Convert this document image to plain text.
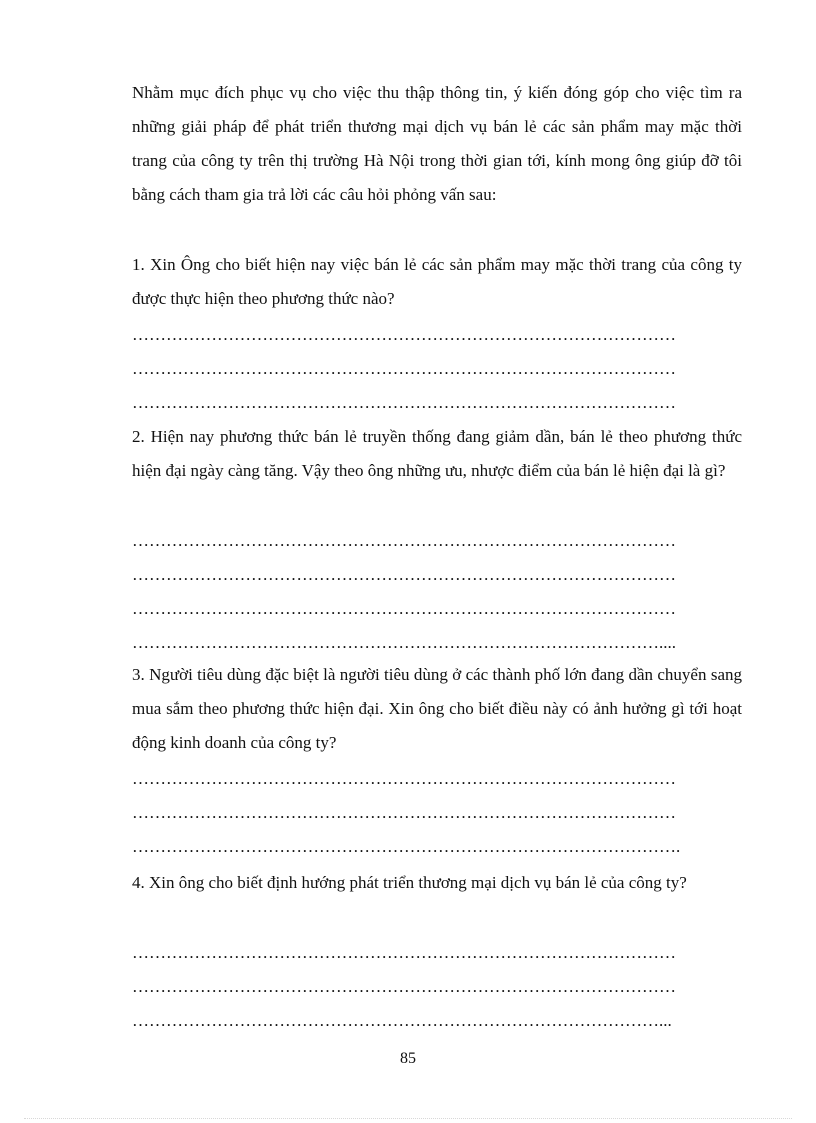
Nhằm mục đích phục vụ cho việc thu thập thông tin, ý kiến đóng góp cho việc tìm ra những giải pháp để phát triển thương mại dịch vụ bán lẻ các sản phẩm may mặc thời trang của công ty trên thị trường Hà Nội trong thời gian tới, kính mong ông giúp đỡ tôi bằng cách tham gia trả lời các câu hỏi phỏng vấn sau:

1. Xin Ông cho biết hiện nay việc bán lẻ các sản phẩm may mặc thời trang của công ty được thực hiện theo phương thức nào?

……………………………………………………………………………………
……………………………………………………………………………………
……………………………………………………………………………………

2. Hiện nay phương thức bán lẻ truyền thống đang giảm dần, bán lẻ theo phương thức hiện đại ngày càng tăng. Vậy theo ông những ưu, nhược điểm của bán lẻ hiện đại là gì?

……………………………………………………………………………………
……………………………………………………………………………………
……………………………………………………………………………………
…………………………………………………………………………………....

3. Người tiêu dùng đặc biệt là người tiêu dùng ở các thành phố lớn đang dần chuyển sang mua sắm theo phương thức hiện đại. Xin ông cho biết điều này có ảnh hưởng gì tới hoạt động kinh doanh của công ty?

……………………………………………………………………………………
……………………………………………………………………………………
…………………………………………………………………………………….

4. Xin ông cho biết định hướng phát triển thương mại dịch vụ bán lẻ của công ty?

……………………………………………………………………………………
……………………………………………………………………………………
…………………………………………………………………………………...
85
